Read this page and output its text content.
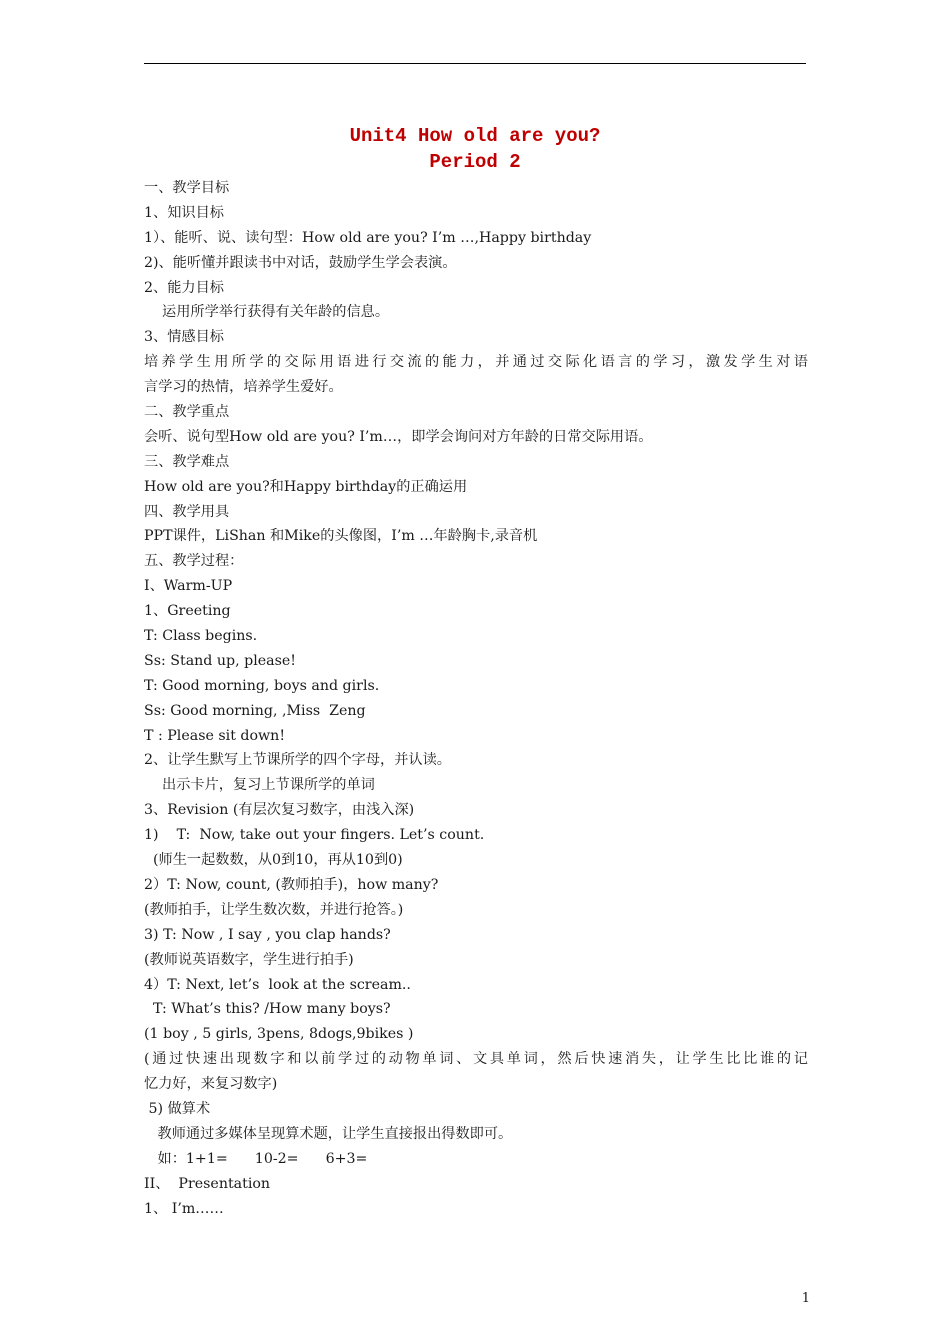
Unit4 How old are you?
Period 2
一、教学目标
1、知识目标
1）、能听、说、读句型：How old are you? I’m …,Happy birthday
2)、能听懂并跟读书中对话，鼓励学生学会表演。
2、能力目标
运用所学举行获得有关年龄的信息。
3、情感目标
培养学生用所学的交际用语进行交流的能力，并通过交际化语言的学习，激发学生对语
言学习的热情，培养学生爱好。
二、教学重点
会听、说句型How old are you? I’m…，即学会询问对方年龄的日常交际用语。
三、教学难点
How old are you?和Happy birthday的正确运用
四、教学用具
PPT课件，LiShan 和Mike的头像图，I’m …年龄胸卡,录音机
五、教学过程：
I、Warm-UP
1、Greeting
T: Class begins.
Ss: Stand up, please!
T: Good morning, boys and girls.
Ss: Good morning, ,Miss  Zeng
T : Please sit down!
2、让学生默写上节课所学的四个字母，并认读。
出示卡片，复习上节课所学的单词
3、Revision (有层次复习数字，由浅入深)
1)    T:  Now, take out your fingers. Let’s count.
(师生一起数数，从0到10，再从10到0)
2）T: Now, count, (教师拍手)，how many?
(教师拍手，让学生数次数，并进行抢答。)
3) T: Now , I say , you clap hands?
(教师说英语数字，学生进行拍手)
4）T: Next, let’s  look at the scream..
T: What’s this? /How many boys?
(1 boy , 5 girls, 3pens, 8dogs,9bikes )
(通过快速出现数字和以前学过的动物单词、文具单词，然后快速消失，让学生比比谁的记
忆力好，来复习数字)
5) 做算术
教师通过多媒体呈现算术题，让学生直接报出得数即可。
如：1+1=      10-2=      6+3=
II、  Presentation
1、 I’m……
1
